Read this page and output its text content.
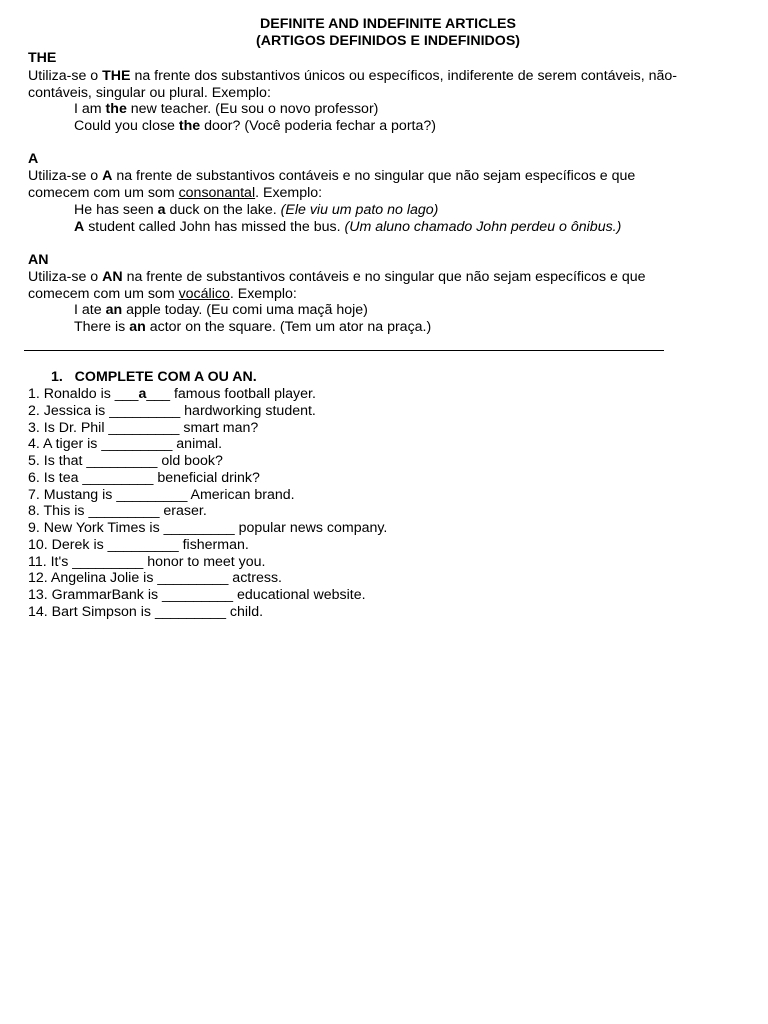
DEFINITE AND INDEFINITE ARTICLES
(ARTIGOS DEFINIDOS E INDEFINIDOS)
THE
Utiliza-se o THE na frente dos substantivos únicos ou específicos, indiferente de serem contáveis, não-
contáveis, singular ou plural. Exemplo:
I am the new teacher. (Eu sou o novo professor)
Could you close the door? (Você poderia fechar a porta?)
A
Utiliza-se o A na frente de substantivos contáveis e no singular que não sejam específicos e que
comecem com um som consonantal. Exemplo:
He has seen a duck on the lake. (Ele viu um pato no lago)
A student called John has missed the bus. (Um aluno chamado John perdeu o ônibus.)
AN
Utiliza-se o AN na frente de substantivos contáveis e no singular que não sejam específicos e que
comecem com um som vocálico. Exemplo:
I ate an apple today. (Eu comi uma maçã hoje)
There is an actor on the square. (Tem um ator na praça.)
1. COMPLETE COM A OU AN.
1. Ronaldo is ___a___ famous football player.
2. Jessica is _________ hardworking student.
3. Is Dr. Phil _________ smart man?
4. A tiger is _________ animal.
5. Is that _________ old book?
6. Is tea _________ beneficial drink?
7. Mustang is _________ American brand.
8. This is _________ eraser.
9. New York Times is _________ popular news company.
10. Derek is _________ fisherman.
11. It's _________ honor to meet you.
12. Angelina Jolie is _________ actress.
13. GrammarBank is _________ educational website.
14. Bart Simpson is _________ child.
